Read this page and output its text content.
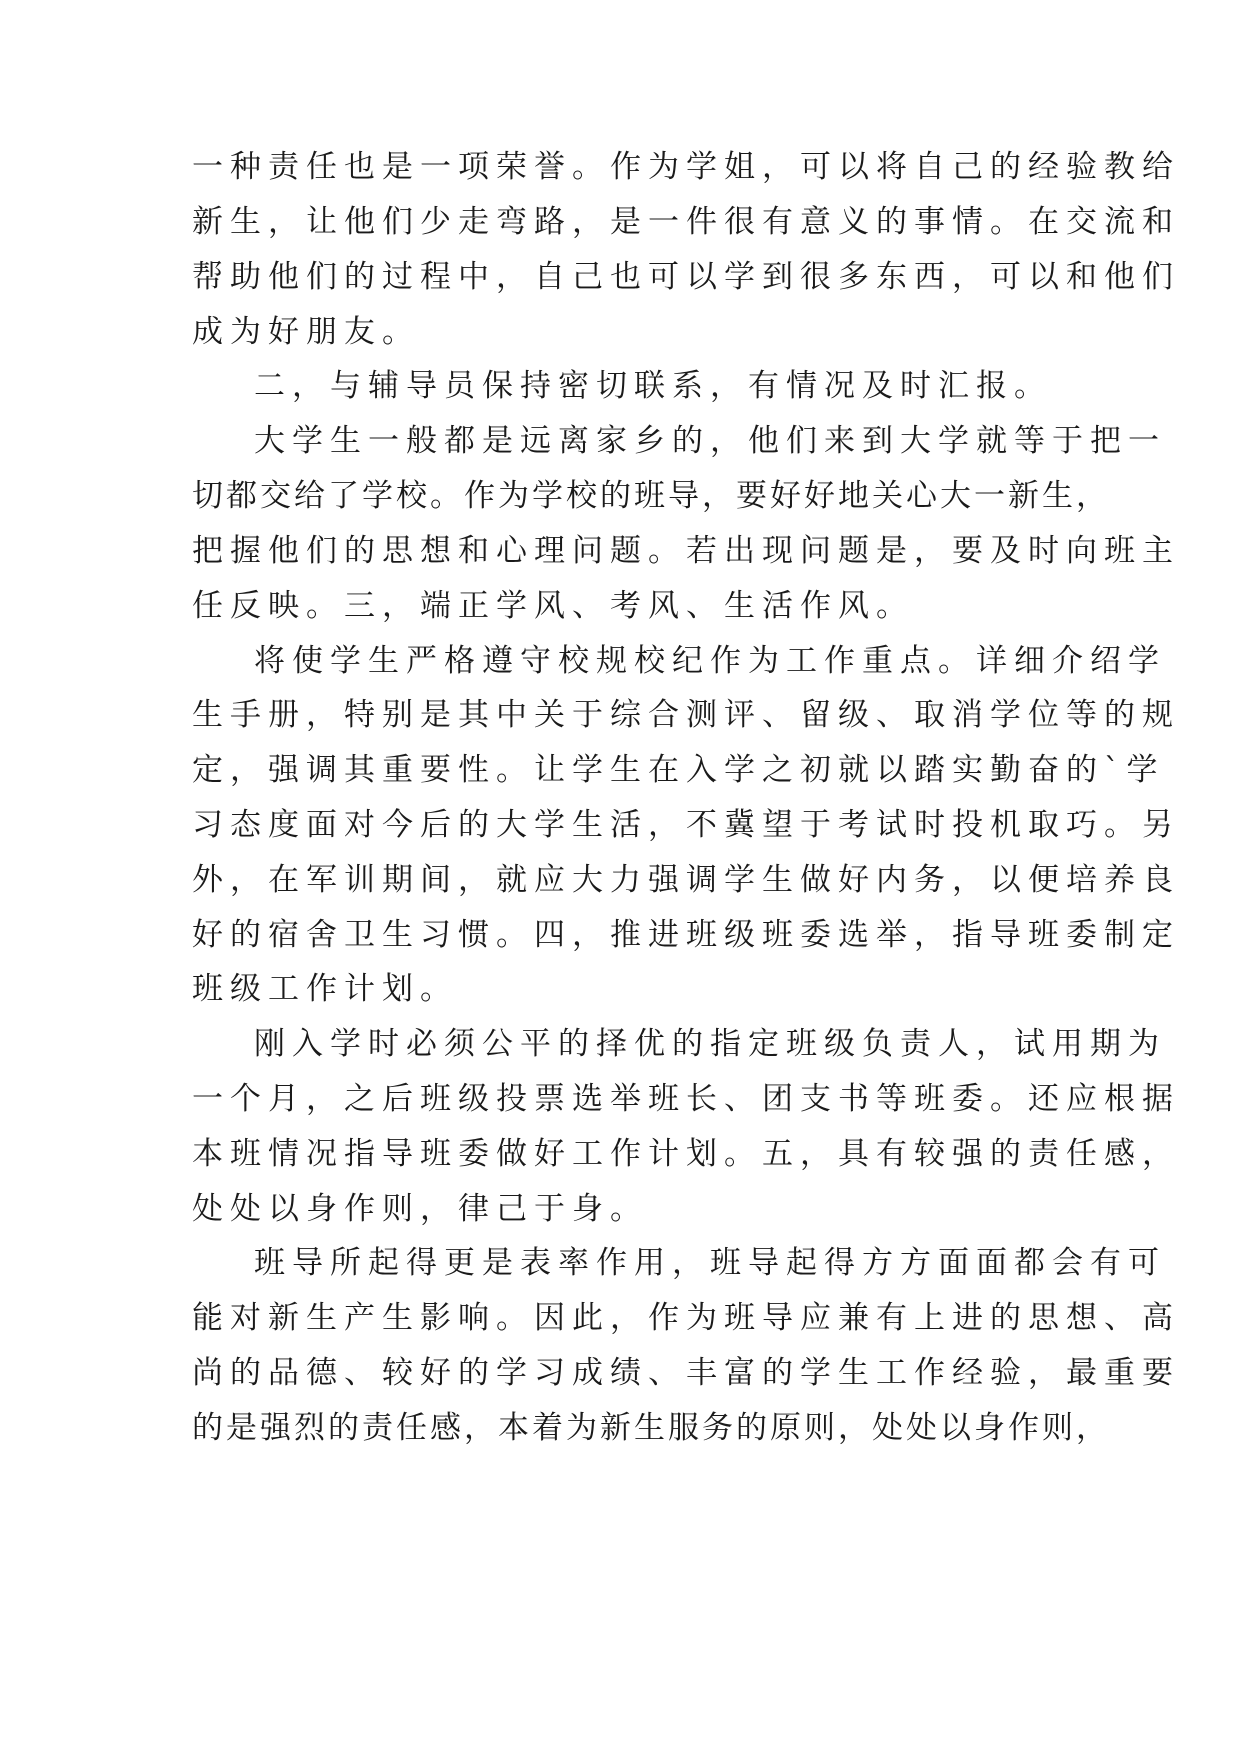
一种责任也是一项荣誉。作为学姐，可以将自己的经验教给

新生，让他们少走弯路，是一件很有意义的事情。在交流和

帮助他们的过程中，自己也可以学到很多东西，可以和他们

成为好朋友。

二，与辅导员保持密切联系，有情况及时汇报。

大学生一般都是远离家乡的，他们来到大学就等于把一

切都交给了学校。作为学校的班导，要好好地关心大一新生，

把握他们的思想和心理问题。若出现问题是，要及时向班主

任反映。三，端正学风、考风、生活作风。

将使学生严格遵守校规校纪作为工作重点。详细介绍学

生手册，特别是其中关于综合测评、留级、取消学位等的规

定，强调其重要性。让学生在入学之初就以踏实勤奋的`学

习态度面对今后的大学生活，不冀望于考试时投机取巧。另

外，在军训期间，就应大力强调学生做好内务，以便培养良

好的宿舍卫生习惯。四，推进班级班委选举，指导班委制定

班级工作计划。

刚入学时必须公平的择优的指定班级负责人，试用期为

一个月，之后班级投票选举班长、团支书等班委。还应根据

本班情况指导班委做好工作计划。五，具有较强的责任感，

处处以身作则，律己于身。

班导所起得更是表率作用，班导起得方方面面都会有可

能对新生产生影响。因此，作为班导应兼有上进的思想、高

尚的品德、较好的学习成绩、丰富的学生工作经验，最重要

的是强烈的责任感，本着为新生服务的原则，处处以身作则，
